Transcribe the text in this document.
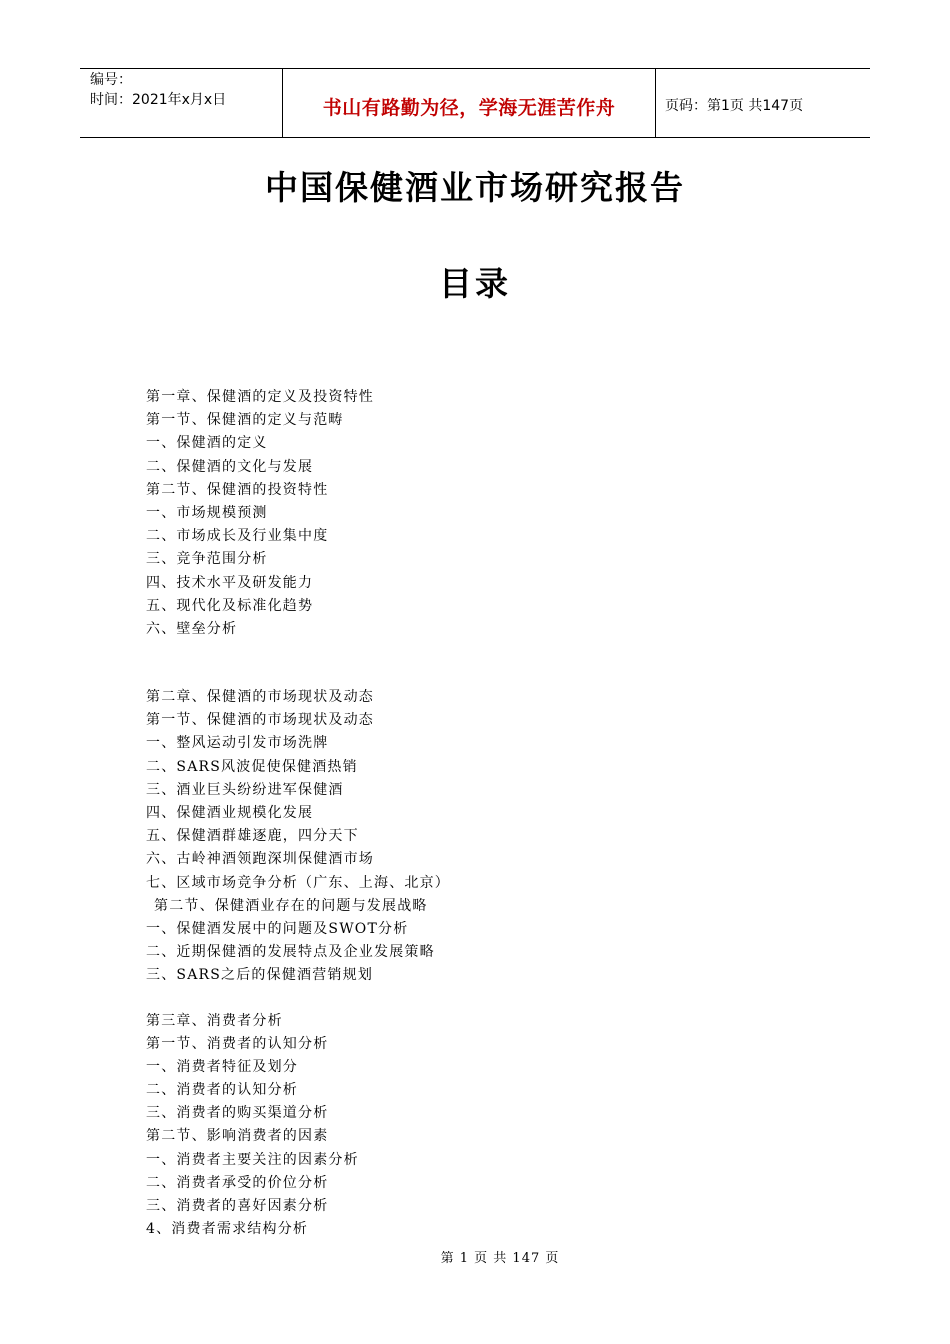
编号：
时间：2021年x月x日	书山有路勤为径，学海无涯苦作舟	页码：第1页 共147页
中国保健酒业市场研究报告
目录
第一章、保健酒的定义及投资特性
第一节、保健酒的定义与范畴
一、保健酒的定义
二、保健酒的文化与发展
第二节、保健酒的投资特性
一、市场规模预测
二、市场成长及行业集中度
三、竞争范围分析
四、技术水平及研发能力
五、现代化及标准化趋势
六、壁垒分析
第二章、保健酒的市场现状及动态
第一节、保健酒的市场现状及动态
一、整风运动引发市场洗牌
二、SARS风波促使保健酒热销
三、酒业巨头纷纷进军保健酒
四、保健酒业规模化发展
五、保健酒群雄逐鹿，四分天下
六、古岭神酒领跑深圳保健酒市场
七、区域市场竞争分析（广东、上海、北京）
第二节、保健酒业存在的问题与发展战略
一、保健酒发展中的问题及SWOT分析
二、近期保健酒的发展特点及企业发展策略
三、SARS之后的保健酒营销规划
第三章、消费者分析
第一节、消费者的认知分析
一、消费者特征及划分
二、消费者的认知分析
三、消费者的购买渠道分析
第二节、影响消费者的因素
一、消费者主要关注的因素分析
二、消费者承受的价位分析
三、消费者的喜好因素分析
4、消费者需求结构分析
第 1 页 共 147 页
